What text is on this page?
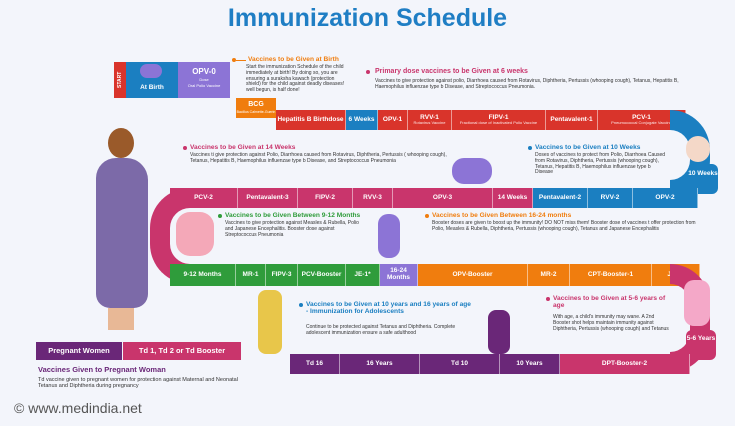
Immunization Schedule
START	At Birth
OPV-0
Dose
Oral Polio Vaccine
Vaccines to be Given at Birth
Start the immunization Schedule of the child immediately at birth! By doing so, you are ensuring a suraksha kawach (protection shield) for the child against deadly diseases! well begun, is half done!
BCG
Bacillus Calmette-Guerin
Primary dose vaccines to be Given at 6 weeks
Vaccines to give protection against polio, Diarrhoea caused from Rotavirus, Diphtheria, Pertussis (whooping cough), Tetanus, Hepatitis B, Haemophilus influenzae type b Disease, and Streptococcus Pneumonia.
Hepatitis B Birthdose 6 Weeks OPV-1	RVV-1
Rotavirus Vaccine
FIPV-1
Fractional dose of Inactivated Polio Vaccine
Pentavalent-1	PCV-1
Pneumococcal Conjugate Vaccine
Vaccines to be Given at 14 Weeks
Vaccines ti give protection against Polio, Diarrhoea caused from Rotavirus, Diphtheria, Pertussis ( whooping cough), Tetanus, Hepatitis B, Haemophilus influenzae type b Disease, and Streptococcus Pneumonia
Vaccines to be Given at 10 Weeks
Doses of vaccines to protect from Polio, Diarrhoea Caused from Rotavirus, Diphtheria, Pertussis (whooping cough), Tetanus, Hepatitis B, Haemophilus influenzae type b Disease	10 Weeks
PCV-2	Pentavalent-3	FIPV-2	RVV-3	OPV-3	14 Weeks Pentavalent-2	RVV-2	OPV-2
Vaccines to be Given Between 9-12 Months
Vaccines to give protection against Measles & Rubella, Polio and Japanese Encephalitis. Booster dose against Streptococcus Pneumonia
Vaccines to be Given Between 16-24 months
Booster doses are given to boost up the immunity! DO NOT miss them! Booster dose of vaccines t offer protection from Polio, Measles & Rubella, Diphtheria, Pertussis (whooping cough), Tetanus and Japanese Encephalitis
9-12 Months	MR-1 FIPV-3 PCV-Booster JE-1*	16-24 Months	OPV-Booster	MR-2	CPT-Booster-1	JE-2*
Vaccines to be Given at 10 years and 16 years of age - Immunization for Adolescents
Continue to be protected against Tetanus and Diphtheria. Complete adolescent immunization ensure a safe adulthood
Vaccines to be Given at 5-6 years of age
With age, a child's immunity may wane. A 2nd Booster shot helps maintain immunity against Diphtheria, Pertussis (whooping cough) and Tetanus
5-6 Years
Td 16	16 Years	Td 10	10 Years	DPT-Booster-2
Pregnant Women	Td 1, Td 2 or Td Booster
Vaccines Given to Pregnant Woman
Td vaccine given to pregnant women for protection against Maternal and Neonatal Tetanus and Diphtheria during pregnancy
© www.medindia.net
